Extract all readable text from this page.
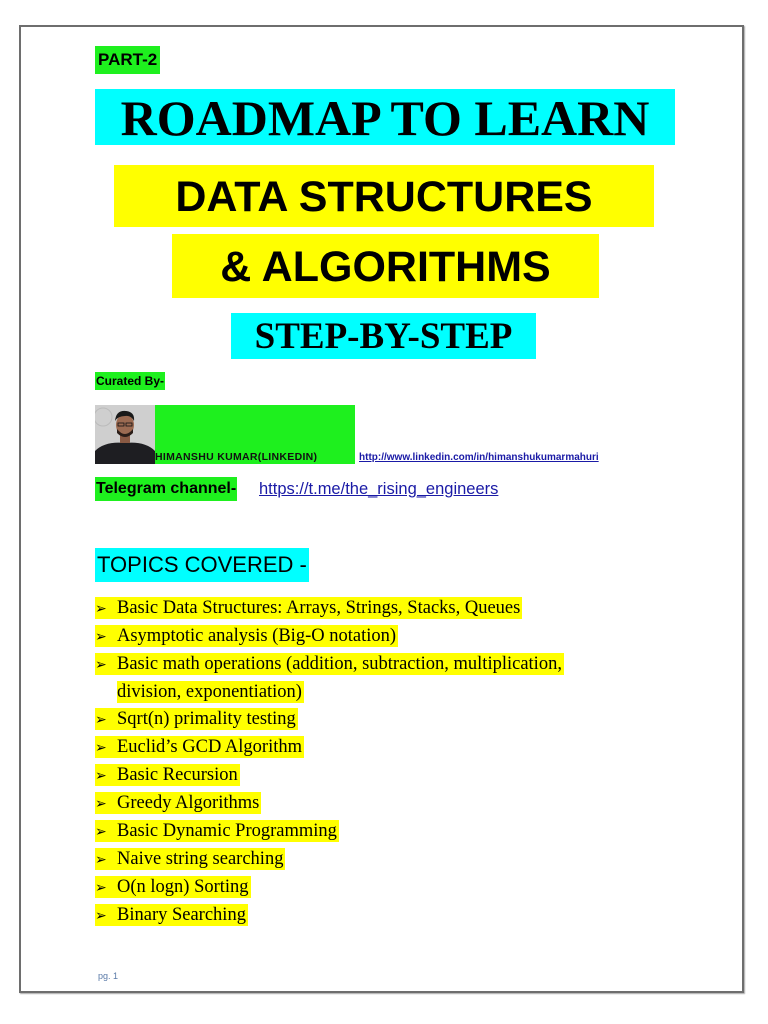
PART-2
ROADMAP TO LEARN
DATA STRUCTURES
& ALGORITHMS
STEP-BY-STEP
Curated By-
HIMANSHU KUMAR(LINKEDIN)	http://www.linkedin.com/in/himanshukumarmahuri
Telegram channel- https://t.me/the_rising_engineers
TOPICS COVERED -
➢ Basic Data Structures: Arrays, Strings, Stacks, Queues
➢ Asymptotic analysis (Big-O notation)
➢ Basic math operations (addition, subtraction, multiplication,
division, exponentiation)
➢ Sqrt(n) primality testing
➢ Euclid’s GCD Algorithm
➢ Basic Recursion
➢ Greedy Algorithms
➢ Basic Dynamic Programming
➢ Naive string searching
➢ O(n logn) Sorting
➢ Binary Searching
pg. 1
